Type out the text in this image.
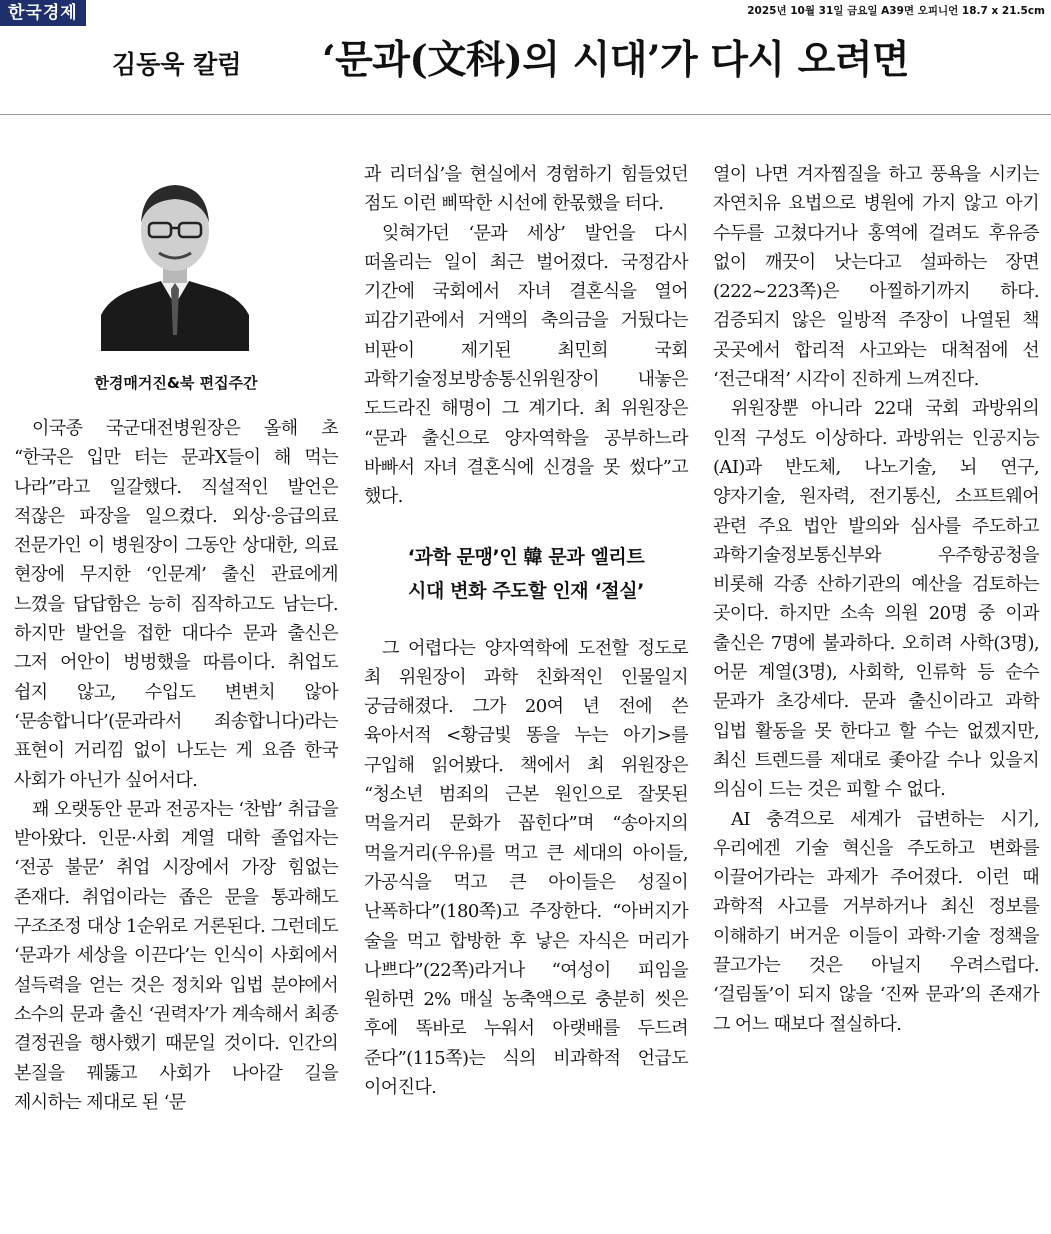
한국경제	2025년 10월 31일 금요일 A39면 오피니언 18.7 x 21.5cm
김동욱 칼럼 ‘문과(文科)의 시대’가 다시 오려면
한경매거진&북 편집주간

이국종 국군대전병원장은 올해 초 “한국은 입만 터는 문과X들이 해 먹는 나라”라고 일갈했다. 직설적인 발언은 적잖은 파장을 일으켰다. 외상·응급의료 전문가인 이 병원장이 그동안 상대한, 의료 현장에 무지한 ‘인문계’ 출신 관료에게 느꼈을 답답함은 능히 짐작하고도 남는다. 하지만 발언을 접한 대다수 문과 출신은 그저 어안이 벙벙했을 따름이다. 취업도 쉽지 않고, 수입도 변변치 않아 ‘문송합니다’(문과라서 죄송합니다)라는 표현이 거리낌 없이 나도는 게 요즘 한국 사회가 아닌가 싶어서다.

꽤 오랫동안 문과 전공자는 ‘찬밥’ 취급을 받아왔다. 인문·사회 계열 대학 졸업자는 ‘전공 불문’ 취업 시장에서 가장 힘없는 존재다. 취업이라는 좁은 문을 통과해도 구조조정 대상 1순위로 거론된다. 그런데도 ‘문과가 세상을 이끈다’는 인식이 사회에서 설득력을 얻는 것은 정치와 입법 분야에서 소수의 문과 출신 ‘권력자’가 계속해서 최종 결정권을 행사했기 때문일 것이다. 인간의 본질을 꿰뚫고 사회가 나아갈 길을 제시하는 제대로 된 ‘문

과 리더십’을 현실에서 경험하기 힘들었던 점도 이런 삐딱한 시선에 한몫했을 터다.

잊혀가던 ‘문과 세상’ 발언을 다시 떠올리는 일이 최근 벌어졌다. 국정감사 기간에 국회에서 자녀 결혼식을 열어 피감기관에서 거액의 축의금을 거뒀다는 비판이 제기된 최민희 국회 과학기술정보방송통신위원장이 내놓은 도드라진 해명이 그 계기다. 최 위원장은 “문과 출신으로 양자역학을 공부하느라 바빠서 자녀 결혼식에 신경을 못 썼다”고 했다.

‘과학 문맹’인 韓 문과 엘리트
시대 변화 주도할 인재 ‘절실’

그 어렵다는 양자역학에 도전할 정도로 최 위원장이 과학 친화적인 인물일지 궁금해졌다. 그가 20여 년 전에 쓴 육아서적 <황금빛 똥을 누는 아기>를 구입해 읽어봤다. 책에서 최 위원장은 “청소년 범죄의 근본 원인으로 잘못된 먹을거리 문화가 꼽힌다”며 “송아지의 먹을거리(우유)를 먹고 큰 세대의 아이들, 가공식을 먹고 큰 아이들은 성질이 난폭하다”(180쪽)고 주장한다. “아버지가 술을 먹고 합방한 후 낳은 자식은 머리가 나쁘다”(22쪽)라거나 “여성이 피임을 원하면 2% 매실 농축액으로 충분히 씻은 후에 똑바로 누워서 아랫배를 두드려 준다”(115쪽)는 식의 비과학적 언급도 이어진다.

열이 나면 겨자찜질을 하고 풍욕을 시키는 자연치유 요법으로 병원에 가지 않고 아기 수두를 고쳤다거나 홍역에 걸려도 후유증 없이 깨끗이 낫는다고 설파하는 장면(222~223쪽)은 아찔하기까지 하다. 검증되지 않은 일방적 주장이 나열된 책 곳곳에서 합리적 사고와는 대척점에 선 ‘전근대적’ 시각이 진하게 느껴진다.

위원장뿐 아니라 22대 국회 과방위의 인적 구성도 이상하다. 과방위는 인공지능(AI)과 반도체, 나노기술, 뇌 연구, 양자기술, 원자력, 전기통신, 소프트웨어 관련 주요 법안 발의와 심사를 주도하고 과학기술정보통신부와 우주항공청을 비롯해 각종 산하기관의 예산을 검토하는 곳이다. 하지만 소속 의원 20명 중 이과 출신은 7명에 불과하다. 오히려 사학(3명), 어문 계열(3명), 사회학, 인류학 등 순수 문과가 초강세다. 문과 출신이라고 과학 입법 활동을 못 한다고 할 수는 없겠지만, 최신 트렌드를 제대로 좇아갈 수나 있을지 의심이 드는 것은 피할 수 없다.

AI 충격으로 세계가 급변하는 시기, 우리에겐 기술 혁신을 주도하고 변화를 이끌어가라는 과제가 주어졌다. 이런 때 과학적 사고를 거부하거나 최신 정보를 이해하기 버거운 이들이 과학·기술 정책을 끌고가는 것은 아닐지 우려스럽다. ‘걸림돌’이 되지 않을 ‘진짜 문과’의 존재가 그 어느 때보다 절실하다.
